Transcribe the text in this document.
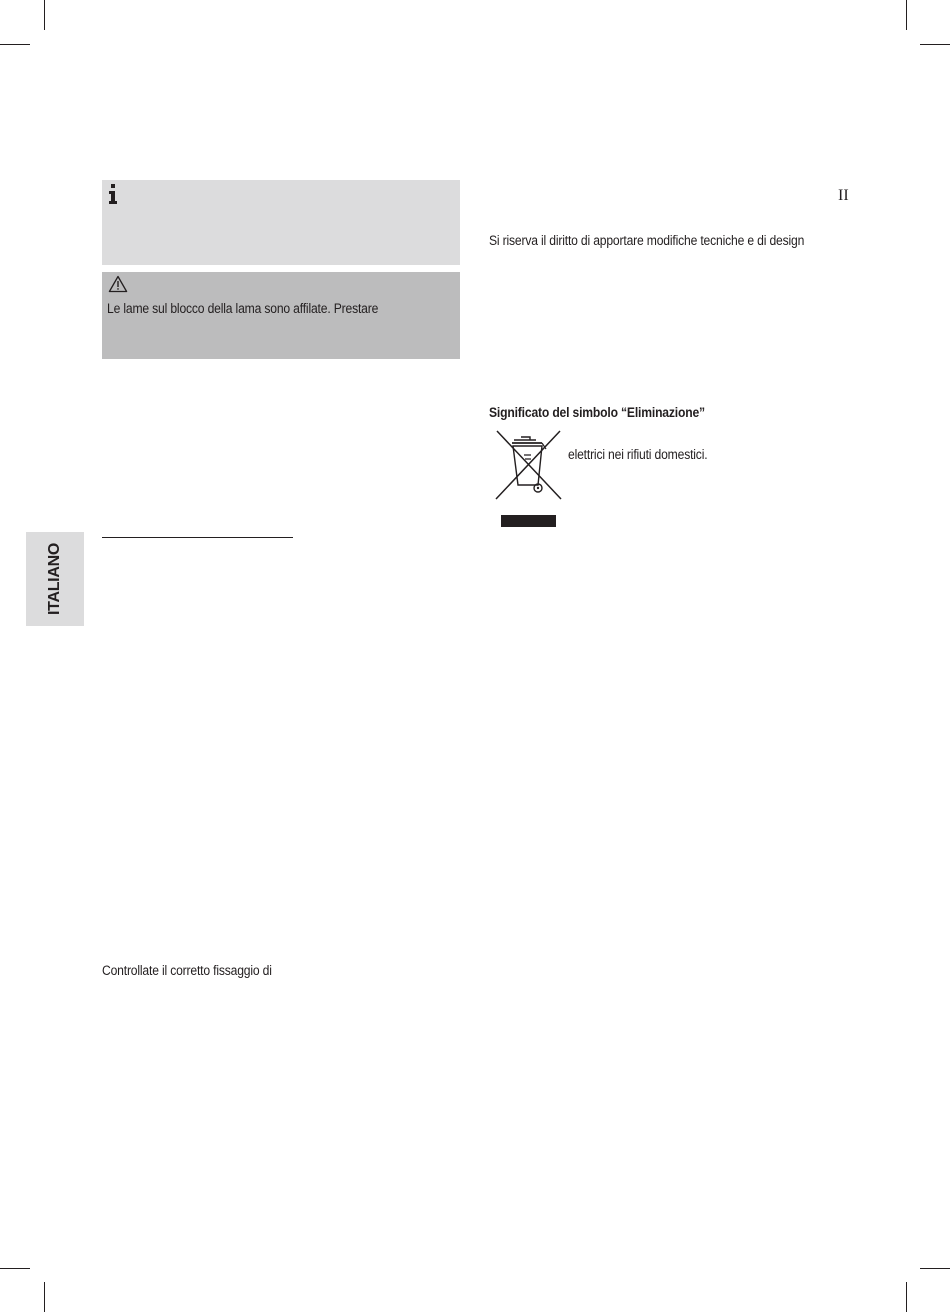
Le lame sul blocco della lama sono affilate. Prestare
ITALIANO
Controllate il corretto fissaggio di
II
Si riserva il diritto di apportare modifiche tecniche e di design
Significato del simbolo “Eliminazione”
elettrici nei rifiuti domestici.
